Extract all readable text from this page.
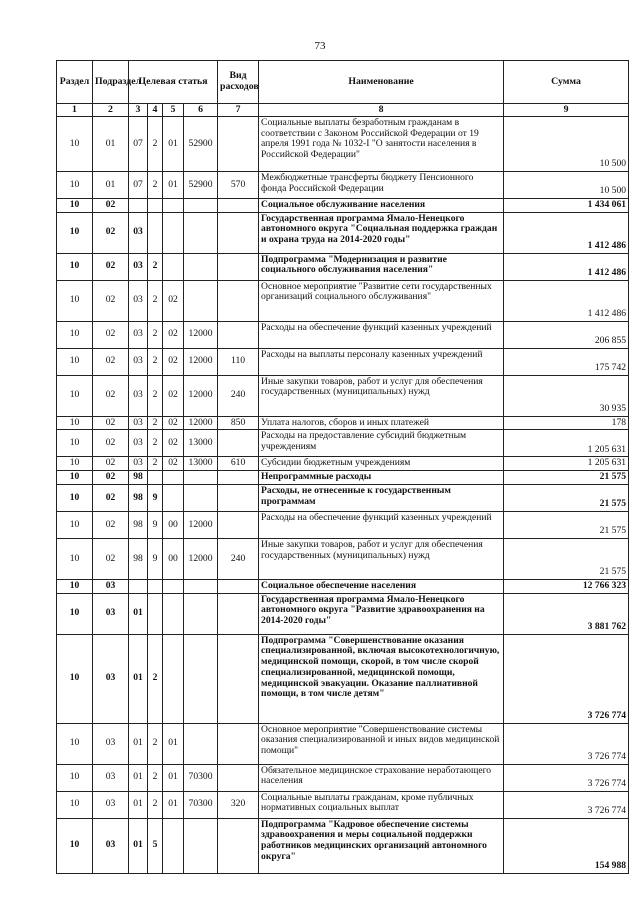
73
Раздел	Подраздел	Целевая статья				Вид расходов	Наименование	Сумма
1	2	3	4	5	6	7	8	9
10	01	07	2	01	52900		Социальные выплаты безработным гражданам в соответствии с Законом Российской Федерации от 19 апреля 1991 года № 1032-I "О занятости населения в Российской Федерации"	10 500
10	01	07	2	01	52900	570	Межбюджетные трансферты бюджету Пенсионного фонда Российской Федерации	10 500
10	02						Социальное обслуживание населения	1 434 061
10	02	03					Государственная программа Ямало-Ненецкого автономного округа "Социальная поддержка граждан и охрана труда на 2014-2020 годы"	1 412 486
10	02	03	2				Подпрограмма "Модернизация и развитие социального обслуживания населения"	1 412 486
10	02	03	2	02			Основное мероприятие "Развитие сети государственных организаций социального обслуживания"	1 412 486
10	02	03	2	02	12000		Расходы на обеспечение функций казенных учреждений	206 855
10	02	03	2	02	12000	110	Расходы на выплаты персоналу казенных учреждений	175 742
10	02	03	2	02	12000	240	Иные закупки товаров, работ и услуг для обеспечения государственных (муниципальных) нужд	30 935
10	02	03	2	02	12000	850	Уплата налогов, сборов и иных платежей	178
10	02	03	2	02	13000		Расходы на предоставление субсидий бюджетным учреждениям	1 205 631
10	02	03	2	02	13000	610	Субсидии бюджетным учреждениям	1 205 631
10	02	98					Непрограммные расходы	21 575
10	02	98	9				Расходы, не отнесенные к государственным программам	21 575
10	02	98	9	00	12000		Расходы на обеспечение функций казенных учреждений	21 575
10	02	98	9	00	12000	240	Иные закупки товаров, работ и услуг для обеспечения государственных (муниципальных) нужд	21 575
10	03						Социальное обеспечение населения	12 766 323
10	03	01					Государственная программа Ямало-Ненецкого автономного округа "Развитие здравоохранения на 2014-2020 годы"	3 881 762
10	03	01	2				Подпрограмма "Совершенствование оказания специализированной, включая высокотехнологичную, медицинской помощи, скорой, в том числе скорой специализированной, медицинской помощи, медицинской эвакуации. Оказание паллиативной помощи, в том числе детям"	3 726 774
10	03	01	2	01			Основное мероприятие "Совершенствование системы оказания специализированной и иных видов медицинской помощи"	3 726 774
10	03	01	2	01	70300		Обязательное медицинское страхование неработающего населения	3 726 774
10	03	01	2	01	70300	320	Социальные выплаты гражданам, кроме публичных нормативных социальных выплат	3 726 774
10	03	01	5				Подпрограмма "Кадровое обеспечение системы здравоохранения и меры социальной поддержки работников медицинских организаций автономного округа"	154 988
